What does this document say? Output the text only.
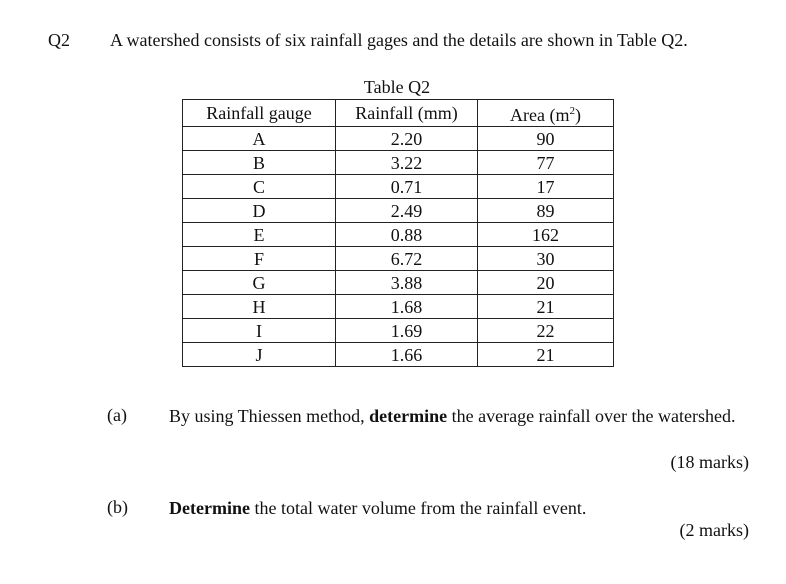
Q2 A watershed consists of six rainfall gages and the details are shown in Table Q2.
Table Q2
Rainfall gauge	Rainfall (mm)	Area $(m^2)$
A	2.20	90
B	3.22	77
C	0.71	17
D	2.49	89
E	0.88	162
F	6.72	30
G	3.88	20
H	1.68	21
I	1.69	22
J	1.66	21
(a) By using Thiessen method, determine the average rainfall over the watershed.
(18 marks)
(b) Determine the total water volume from the rainfall event.
(2 marks)
